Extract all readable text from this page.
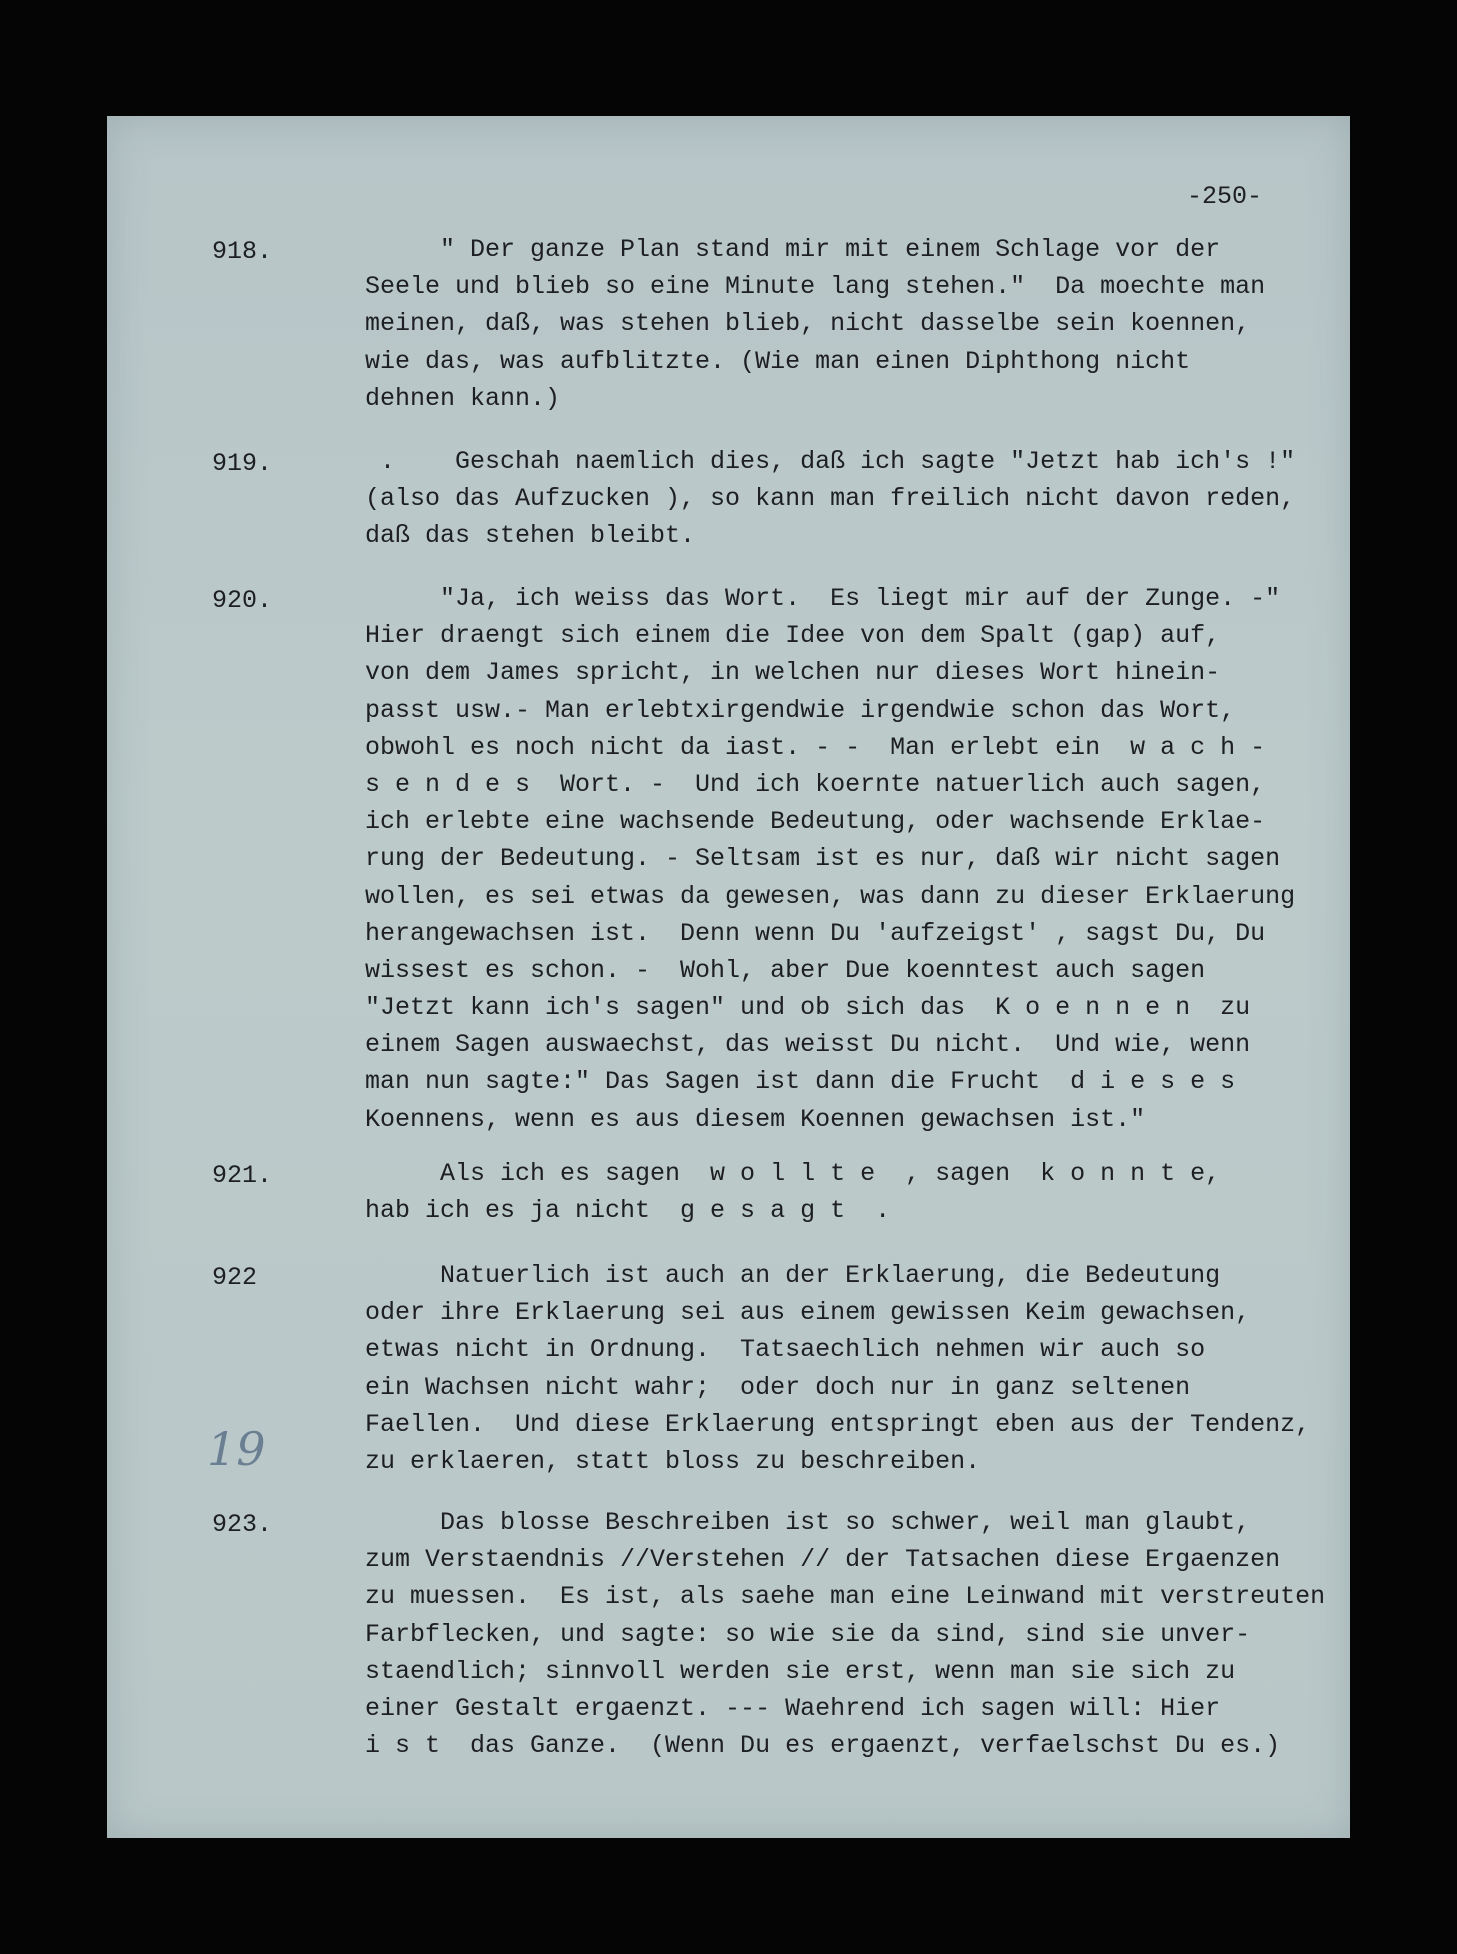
-250-
19
918.	" Der ganze Plan stand mir mit einem Schlage vor der
Seele und blieb so eine Minute lang stehen."  Da moechte man
meinen, daß, was stehen blieb, nicht dasselbe sein koennen,
wie das, was aufblitzte. (Wie man einen Diphthong nicht
dehnen kann.)
919.	.    Geschah naemlich dies, daß ich sagte "Jetzt hab ich's !"
(also das Aufzucken ), so kann man freilich nicht davon reden,
daß das stehen bleibt.
920.	"Ja, ich weiss das Wort.  Es liegt mir auf der Zunge. -"
Hier draengt sich einem die Idee von dem Spalt (gap) auf,
von dem James spricht, in welchen nur dieses Wort hinein-
passt usw.- Man erlebtxirgendwie irgendwie schon das Wort,
obwohl es noch nicht da iast. - -  Man erlebt ein  w a c h -
s e n d e s  Wort. -  Und ich koernte natuerlich auch sagen,
ich erlebte eine wachsende Bedeutung, oder wachsende Erklae-
rung der Bedeutung. - Seltsam ist es nur, daß wir nicht sagen
wollen, es sei etwas da gewesen, was dann zu dieser Erklaerung
herangewachsen ist.  Denn wenn Du 'aufzeigst' , sagst Du, Du
wissest es schon. -  Wohl, aber Due koenntest auch sagen
"Jetzt kann ich's sagen" und ob sich das  K o e n n e n  zu
einem Sagen auswaechst, das weisst Du nicht.  Und wie, wenn
man nun sagte:" Das Sagen ist dann die Frucht  d i e s e s
Koennens, wenn es aus diesem Koennen gewachsen ist."
921.	Als ich es sagen  w o l l t e  , sagen  k o n n t e,
hab ich es ja nicht  g e s a g t  .
922	Natuerlich ist auch an der Erklaerung, die Bedeutung
oder ihre Erklaerung sei aus einem gewissen Keim gewachsen,
etwas nicht in Ordnung.  Tatsaechlich nehmen wir auch so
ein Wachsen nicht wahr;  oder doch nur in ganz seltenen
Faellen.  Und diese Erklaerung entspringt eben aus der Tendenz,
zu erklaeren, statt bloss zu beschreiben.
923.	Das blosse Beschreiben ist so schwer, weil man glaubt,
zum Verstaendnis //Verstehen // der Tatsachen diese Ergaenzen
zu muessen.  Es ist, als saehe man eine Leinwand mit verstreuten
Farbflecken, und sagte: so wie sie da sind, sind sie unver-
staendlich; sinnvoll werden sie erst, wenn man sie sich zu
einer Gestalt ergaenzt. --- Waehrend ich sagen will: Hier
i s t  das Ganze.  (Wenn Du es ergaenzt, verfaelschst Du es.)
